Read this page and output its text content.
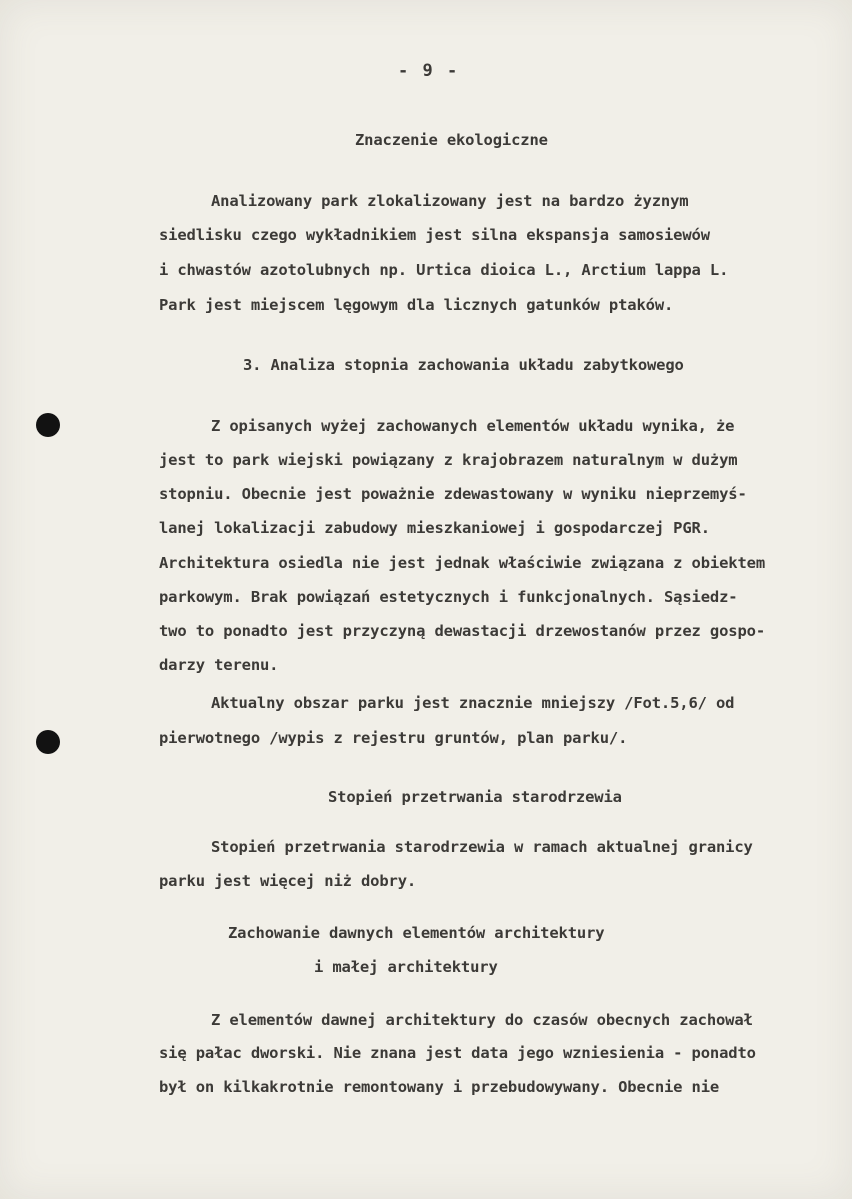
- 9 -

Znaczenie ekologiczne

Analizowany park zlokalizowany jest na bardzo żyznym

siedlisku czego wykładnikiem jest silna ekspansja samosiewów

i chwastów azotolubnych np. Urtica dioica L., Arctium lappa L.

Park jest miejscem lęgowym dla licznych gatunków ptaków.

3. Analiza stopnia zachowania układu zabytkowego

Z opisanych wyżej zachowanych elementów układu wynika, że

jest to park wiejski powiązany z krajobrazem naturalnym w dużym

stopniu. Obecnie jest poważnie zdewastowany w wyniku nieprzemyś-

lanej lokalizacji zabudowy mieszkaniowej i gospodarczej PGR.

Architektura osiedla nie jest jednak właściwie związana z obiektem

parkowym. Brak powiązań estetycznych i funkcjonalnych. Sąsiedz-

two to ponadto jest przyczyną dewastacji drzewostanów przez gospo-

darzy terenu.

Aktualny obszar parku jest znacznie mniejszy /Fot.5,6/ od

pierwotnego /wypis z rejestru gruntów, plan parku/.

Stopień przetrwania starodrzewia

Stopień przetrwania starodrzewia w ramach aktualnej granicy

parku jest więcej niż dobry.

Zachowanie dawnych elementów architektury

i małej architektury

Z elementów dawnej architektury do czasów obecnych zachował

się pałac dworski. Nie znana jest data jego wzniesienia - ponadto

był on kilkakrotnie remontowany i przebudowywany. Obecnie nie
